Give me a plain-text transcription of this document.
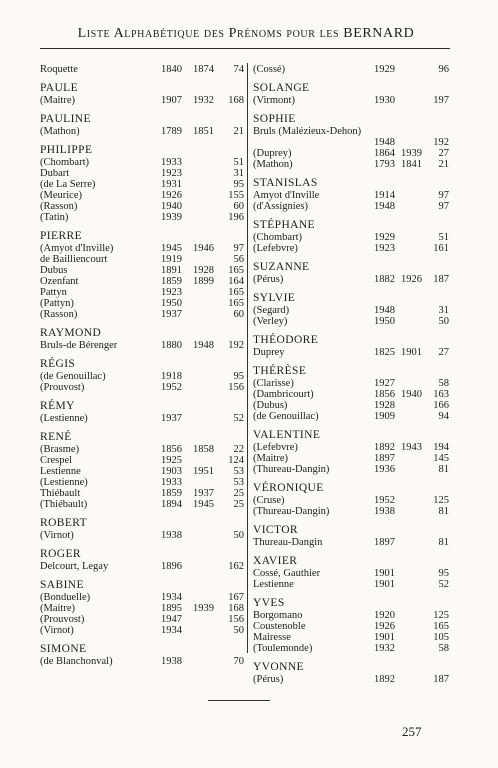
Liste Alphabétique des Prénoms pour les BERNARD
Roquette	1840	1874	74
PAULE
(Maitre)	1907	1932	168
PAULINE
(Mathon)	1789	1851	21
PHILIPPE
(Chombart)	1933	51
Dubart	1923	31
(de La Serre)	1931	95
(Meurice)	1926	155
(Rasson)	1940	60
(Tatin)	1939	196
PIERRE
(Amyot d'Inville)	1945	1946	97
de Bailliencourt	1919	56
Dubus	1891	1928	165
Ozenfant	1859	1899	164
Pattyn	1923	165
(Pattyn)	1950	165
(Rasson)	1937	60
RAYMOND
Bruls-de Bérenger	1880	1948	192
RÉGIS
(de Genouillac)	1918	95
(Prouvost)	1952	156
RÉMY
(Lestienne)	1937	52
RENÉ
(Brasme)	1856	1858	22
Crespel	1925	124
Lestienne	1903	1951	53
(Lestienne)	1933	53
Thiébault	1859	1937	25
(Thiébault)	1894	1945	25
ROBERT
(Virnot)	1938	50
ROGER
Delcourt, Legay	1896	162
SABINE
(Bonduelle)	1934	167
(Maitre)	1895	1939	168
(Prouvost)	1947	156
(Virnot)	1934	50
SIMONE
(de Blanchonval)	1938	70
(Cossé)	1929	96
SOLANGE
(Virmont)	1930	197
SOPHIE
Bruls (Malézieux-Dehon)
1948	192
(Duprey)	1864 1939	27
(Mathon)	1793 1841	21
STANISLAS
Amyot d'Inville	1914	97
(d'Assignies)	1948	97
STÉPHANE
(Chombart)	1929	51
(Lefebvre)	1923	161
SUZANNE
(Pérus)	1882 1926	187
SYLVIE
(Segard)	1948	31
(Verley)	1950	50
THÉODORE
Duprey	1825 1901	27
THÉRÈSE
(Clarisse)	1927	58
(Dambricourt)	1856 1940	163
(Dubus)	1928	166
(de Genouillac)	1909	94
VALENTINE
(Lefebvre)	1892 1943	194
(Maitre)	1897	145
(Thureau-Dangin)	1936	81
VÉRONIQUE
(Cruse)	1952	125
(Thureau-Dangin)	1938	81
VICTOR
Thureau-Dangin	1897	81
XAVIER
Cossé, Gauthier	1901	95
Lestienne	1901	52
YVES
Borgomano	1920	125
Coustenoble	1926	165
Mairesse	1901	105
(Toulemonde)	1932	58
YVONNE
(Pérus)	1892	187
257
